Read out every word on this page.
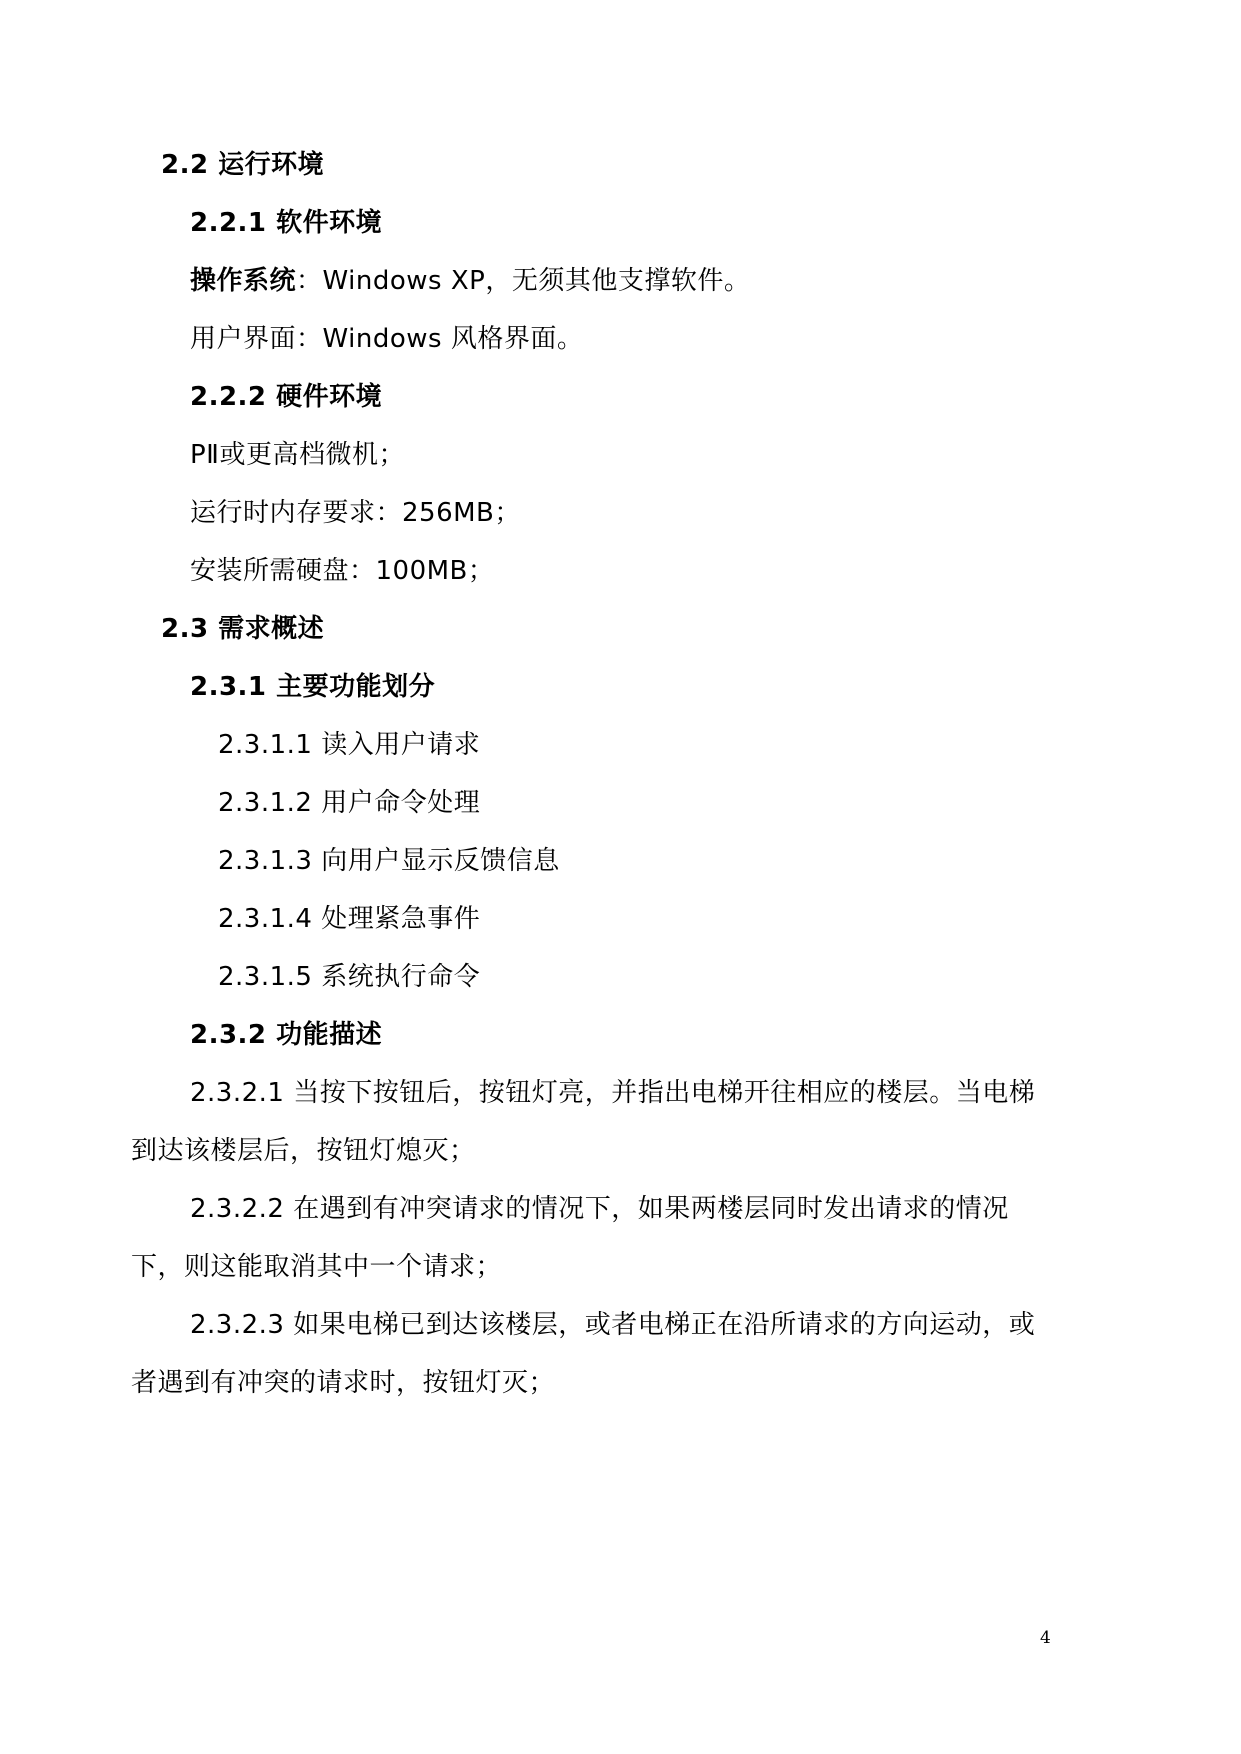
2.2 运行环境
2.2.1 软件环境
操作系统：Windows XP，无须其他支撑软件。
用户界面：Windows 风格界面。
2.2.2 硬件环境
PⅡ或更高档微机；
运行时内存要求：256MB；
安装所需硬盘：100MB；
2.3 需求概述
2.3.1 主要功能划分
2.3.1.1 读入用户请求
2.3.1.2 用户命令处理
2.3.1.3 向用户显示反馈信息
2.3.1.4 处理紧急事件
2.3.1.5 系统执行命令
2.3.2 功能描述
2.3.2.1 当按下按钮后，按钮灯亮，并指出电梯开往相应的楼层。当电梯
到达该楼层后，按钮灯熄灭；
2.3.2.2 在遇到有冲突请求的情况下，如果两楼层同时发出请求的情况
下，则这能取消其中一个请求；
2.3.2.3 如果电梯已到达该楼层，或者电梯正在沿所请求的方向运动，或
者遇到有冲突的请求时，按钮灯灭；
4
